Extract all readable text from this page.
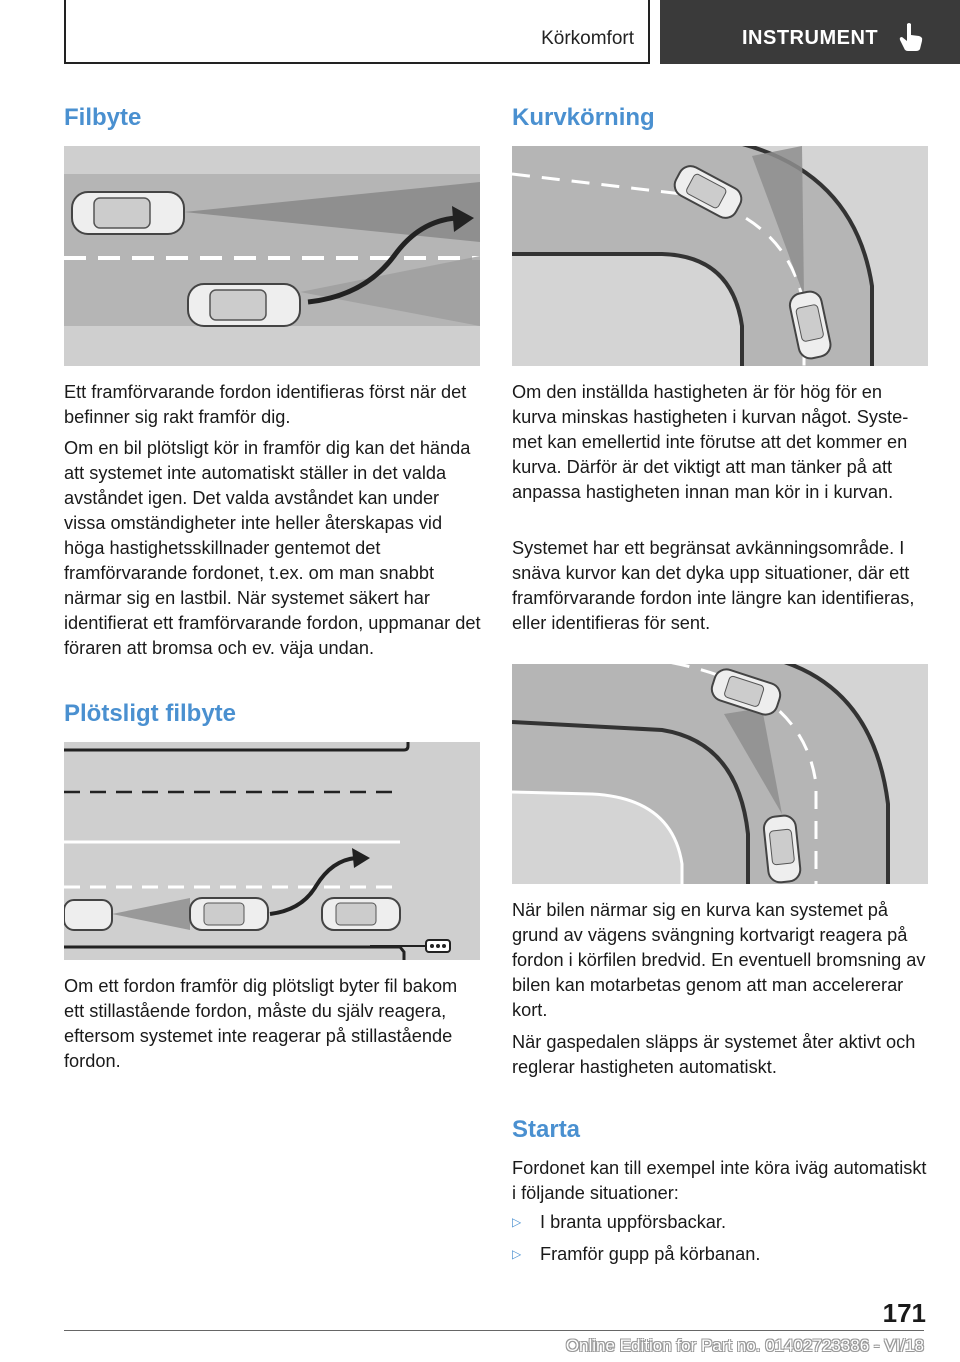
Körkomfort	INSTRUMENT
Filbyte

Ett framförvarande fordon identifieras först när det befinner sig rakt framför dig.

Om en bil plötsligt kör in framför dig kan det hända att systemet inte automatiskt ställer in det valda avståndet igen. Det valda avståndet kan under vissa omständigheter inte heller återskapas vid höga hastighetsskillnader gentemot det framförvarande fordonet, t.ex. om man snabbt närmar sig en lastbil. När systemet säkert har identifierat ett framförvarande fordon, uppmanar det föraren att bromsa och ev. väja undan.

Plötsligt filbyte

Om ett fordon framför dig plötsligt byter fil bakom ett stillastående fordon, måste du själv reagera, eftersom systemet inte reagerar på stillastående fordon.

Kurvkörning

Om den inställda hastigheten är för hög för en kurva minskas hastigheten i kurvan något. Systemet kan emellertid inte förutse att det kommer en kurva. Därför är det viktigt att man tänker på att anpassa hastigheten innan man kör in i kurvan.

Systemet har ett begränsat avkänningsområde. I snäva kurvor kan det dyka upp situationer, där ett framförvarande fordon inte längre kan identifieras, eller identifieras för sent.

När bilen närmar sig en kurva kan systemet på grund av vägens svängning kortvarigt reagera på fordon i körfilen bredvid. En eventuell bromsning av bilen kan motarbetas genom att man accelererar kort.

När gaspedalen släpps är systemet åter aktivt och reglerar hastigheten automatiskt.

Starta

Fordonet kan till exempel inte köra iväg automatiskt i följande situationer:

▷ I branta uppförsbackar.
▷ Framför gupp på körbanan.
171
Online Edition for Part no. 01402723386 - VI/18
